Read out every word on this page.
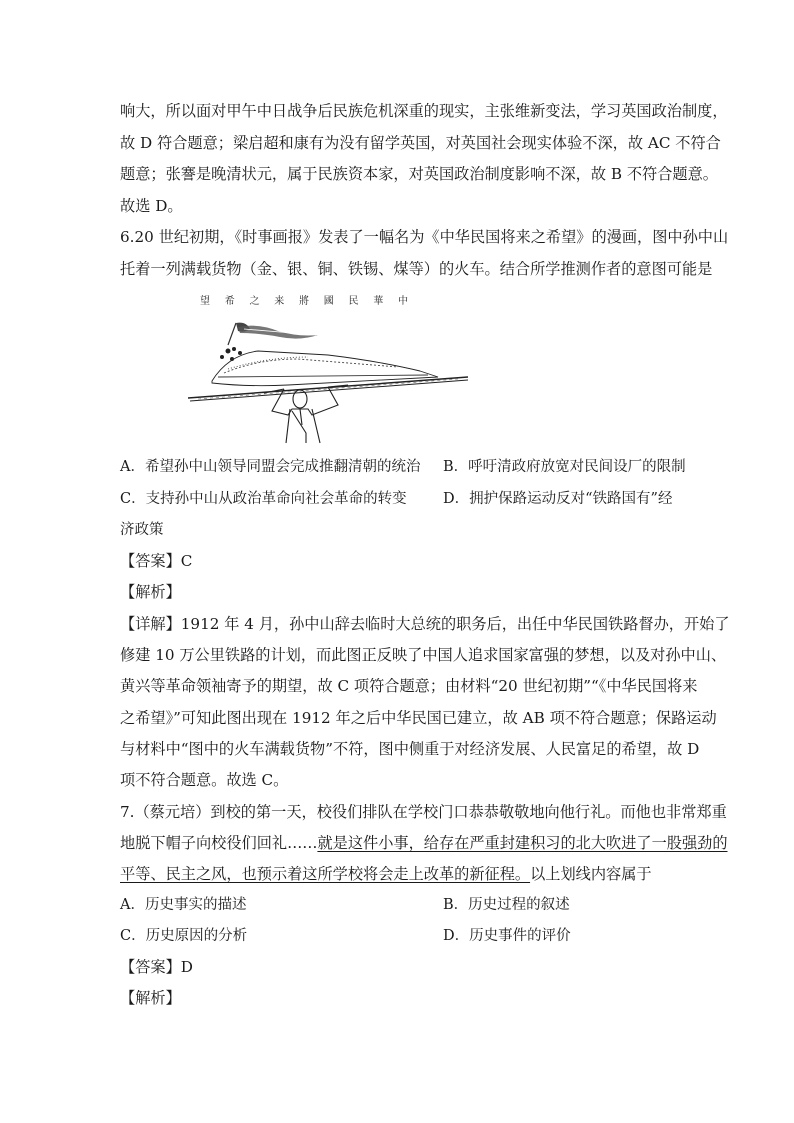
响大，所以面对甲午中日战争后民族危机深重的现实，主张维新变法，学习英国政治制度，
故 D 符合题意；梁启超和康有为没有留学英国，对英国社会现实体验不深，故 AC 不符合
题意；张謇是晚清状元，属于民族资本家，对英国政治制度影响不深，故 B 不符合题意。
故选 D。
6.20 世纪初期，《时事画报》发表了一幅名为《中华民国将来之希望》的漫画，图中孙中山
托着一列满载货物（金、银、铜、铁锡、煤等）的火车。结合所学推测作者的意图可能是
望 希 之 来 將 國 民 華 中
A．希望孙中山领导同盟会完成推翻清朝的统治 B．呼吁清政府放宽对民间设厂的限制
C．支持孙中山从政治革命向社会革命的转变	D．拥护保路运动反对“铁路国有”经
济政策
【答案】C
【解析】
【详解】1912 年 4 月，孙中山辞去临时大总统的职务后，出任中华民国铁路督办，开始了
修建 10 万公里铁路的计划，而此图正反映了中国人追求国家富强的梦想，以及对孙中山、
黄兴等革命领袖寄予的期望，故 C 项符合题意；由材料“20 世纪初期”“《中华民国将来
之希望》”可知此图出现在 1912 年之后中华民国已建立，故 AB 项不符合题意；保路运动
与材料中“图中的火车满载货物”不符，图中侧重于对经济发展、人民富足的希望，故 D
项不符合题意。故选 C。
7.（蔡元培）到校的第一天，校役们排队在学校门口恭恭敬敬地向他行礼。而他也非常郑重
地脱下帽子向校役们回礼……就是这件小事，给存在严重封建积习的北大吹进了一股强劲的
平等、民主之风，也预示着这所学校将会走上改革的新征程。以上划线内容属于
A．历史事实的描述	B．历史过程的叙述
C．历史原因的分析	D．历史事件的评价
【答案】D
【解析】
